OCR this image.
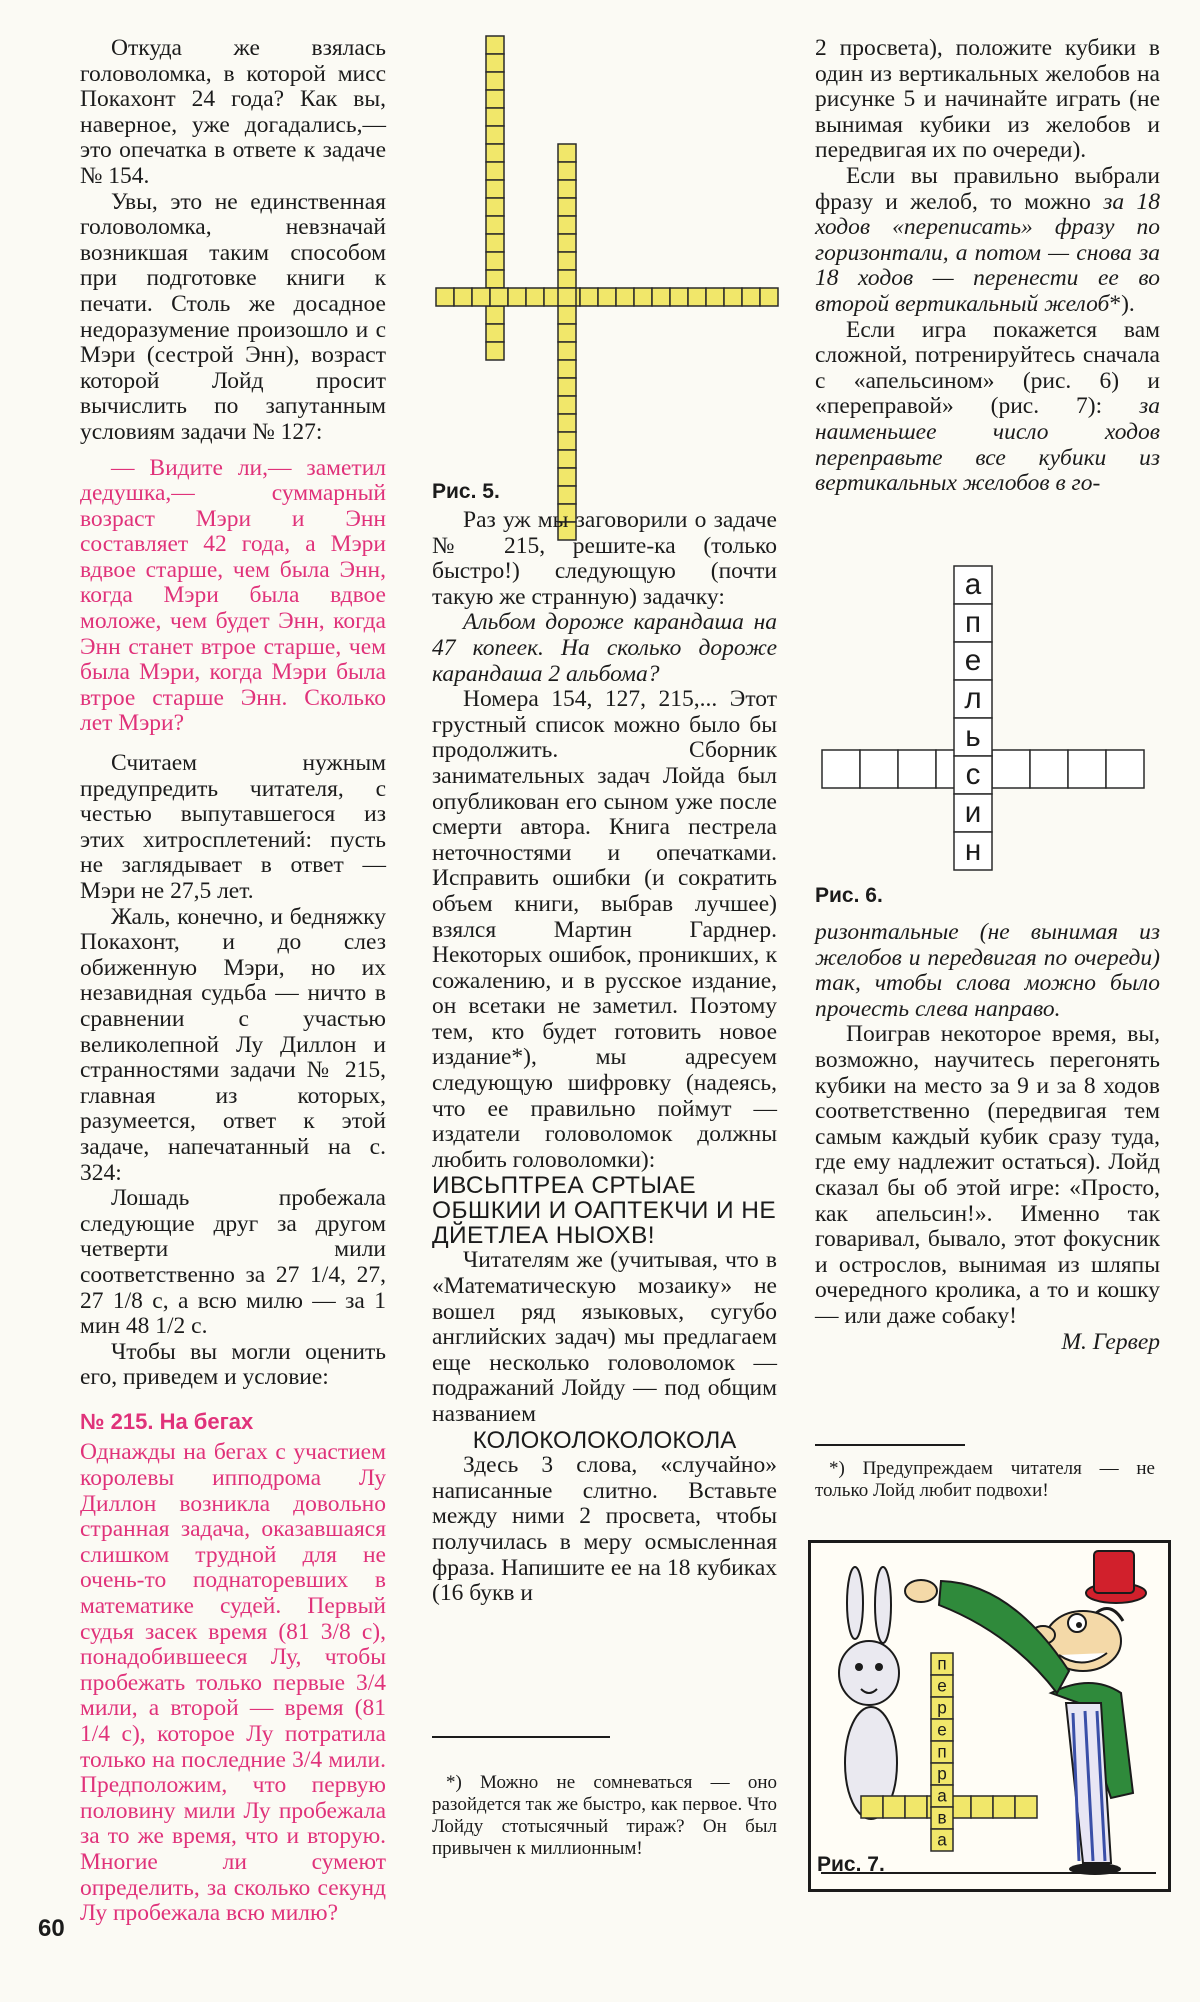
Откуда же взялась головоломка, в которой мисс Покахонт 24 года? Как вы, наверное, уже догадались,— это опечатка в ответе к задаче № 154.

Увы, это не единственная головоломка, невзначай возникшая таким способом при подготовке книги к печати. Столь же досадное недоразумение произошло и с Мэри (сестрой Энн), возраст которой Лойд просит вычислить по запутанным условиям задачи № 127:

— Видите ли,— заметил дедушка,— суммарный возраст Мэри и Энн составляет 42 года, а Мэри вдвое старше, чем была Энн, когда Мэри была вдвое моложе, чем будет Энн, когда Энн станет втрое старше, чем была Мэри, когда Мэри была втрое старше Энн. Сколько лет Мэри?

Считаем нужным предупредить читателя, с честью выпутавшегося из этих хитросплетений: пусть не заглядывает в ответ — Мэри не 27,5 лет.

Жаль, конечно, и бедняжку Покахонт, и до слез обиженную Мэри, но их незавидная судьба — ничто в сравнении с участью великолепной Лу Диллон и странностями задачи № 215, главная из которых, разумеется, ответ к этой задаче, напечатанный на с. 324:

Лошадь пробежала следующие друг за другом четверти мили соответственно за 27 1/4, 27, 27 1/8 с, а всю милю — за 1 мин 48 1/2 с.

Чтобы вы могли оценить его, приведем и условие:

№ 215. На бегах

Однажды на бегах с участием королевы ипподрома Лу Диллон возникла довольно странная задача, оказавшаяся слишком трудной для не очень-то поднаторевших в математике судей. Первый судья засек время (81 3/8 с), понадобившееся Лу, чтобы пробежать только первые 3/4 мили, а второй — время (81 1/4 с), которое Лу потратила только на последние 3/4 мили. Предположим, что первую половину мили Лу пробежала за то же время, что и вторую. Многие ли сумеют определить, за сколько секунд Лу пробежала всю милю?

Рис. 5.

Раз уж мы заговорили о задаче № 215, решите-ка (только быстро!) следующую (почти такую же странную) задачку:

Альбом дороже карандаша на 47 копеек. На сколько дороже карандаша 2 альбома?

Номера 154, 127, 215,... Этот грустный список можно было бы продолжить. Сборник занимательных задач Лойда был опубликован его сыном уже после смерти автора. Книга пестрела неточностями и опечатками. Исправить ошибки (и сократить объем книги, выбрав лучшее) взялся Мартин Гарднер. Некоторых ошибок, проникших, к сожалению, и в русское издание, он всетаки не заметил. Поэтому тем, кто будет готовить новое издание*), мы адресуем следующую шифровку (надеясь, что ее правильно поймут — издатели головоломок должны любить головоломки):

ИВСЬПТРЕА СРТЫАЕ ОБШКИИ И ОАПТЕКЧИ И НЕ ДЙЕТЛЕА НЫОХВ!

Читателям же (учитывая, что в «Математическую мозаику» не вошел ряд языковых, сугубо английских задач) мы предлагаем еще несколько головоломок — подражаний Лойду — под общим названием

КОЛОКОЛОКОЛОКОЛА

Здесь 3 слова, «случайно» написанные слитно. Вставьте между ними 2 просвета, чтобы получилась в меру осмысленная фраза. Напишите ее на 18 кубиках (16 букв и

*) Можно не сомневаться — оно разойдется так же быстро, как первое. Что Лойду стотысячный тираж? Он был привычен к миллионным!

2 просвета), положите кубики в один из вертикальных желобов на рисунке 5 и начинайте играть (не вынимая кубики из желобов и передвигая их по очереди).

Если вы правильно выбрали фразу и желоб, то можно за 18 ходов «переписать» фразу по горизонтали, а потом — снова за 18 ходов — перенести ее во второй вертикальный желоб*).

Если игра покажется вам сложной, потренируйтесь сначала с «апельсином» (рис. 6) и «переправой» (рис. 7): за наименьшее число ходов переправьте все кубики из вертикальных желобов в го-

а
п
е
л
ь
с
и
н
Рис. 6.

ризонтальные (не вынимая из желобов и передвигая по очереди) так, чтобы слова можно было прочесть слева направо.

Поиграв некоторое время, вы, возможно, научитесь перегонять кубики на место за 9 и за 8 ходов соответственно (передвигая тем самым каждый кубик сразу туда, где ему надлежит остаться). Лойд сказал бы об этой игре: «Просто, как апельсин!». Именно так говаривал, бывало, этот фокусник и острослов, вынимая из шляпы очередного кролика, а то и кошку — или даже собаку!

М. Гервер

*) Предупреждаем читателя — не только Лойд любит подвохи!

п
е
р
е
п
р
а
в
а
Рис. 7.
60
